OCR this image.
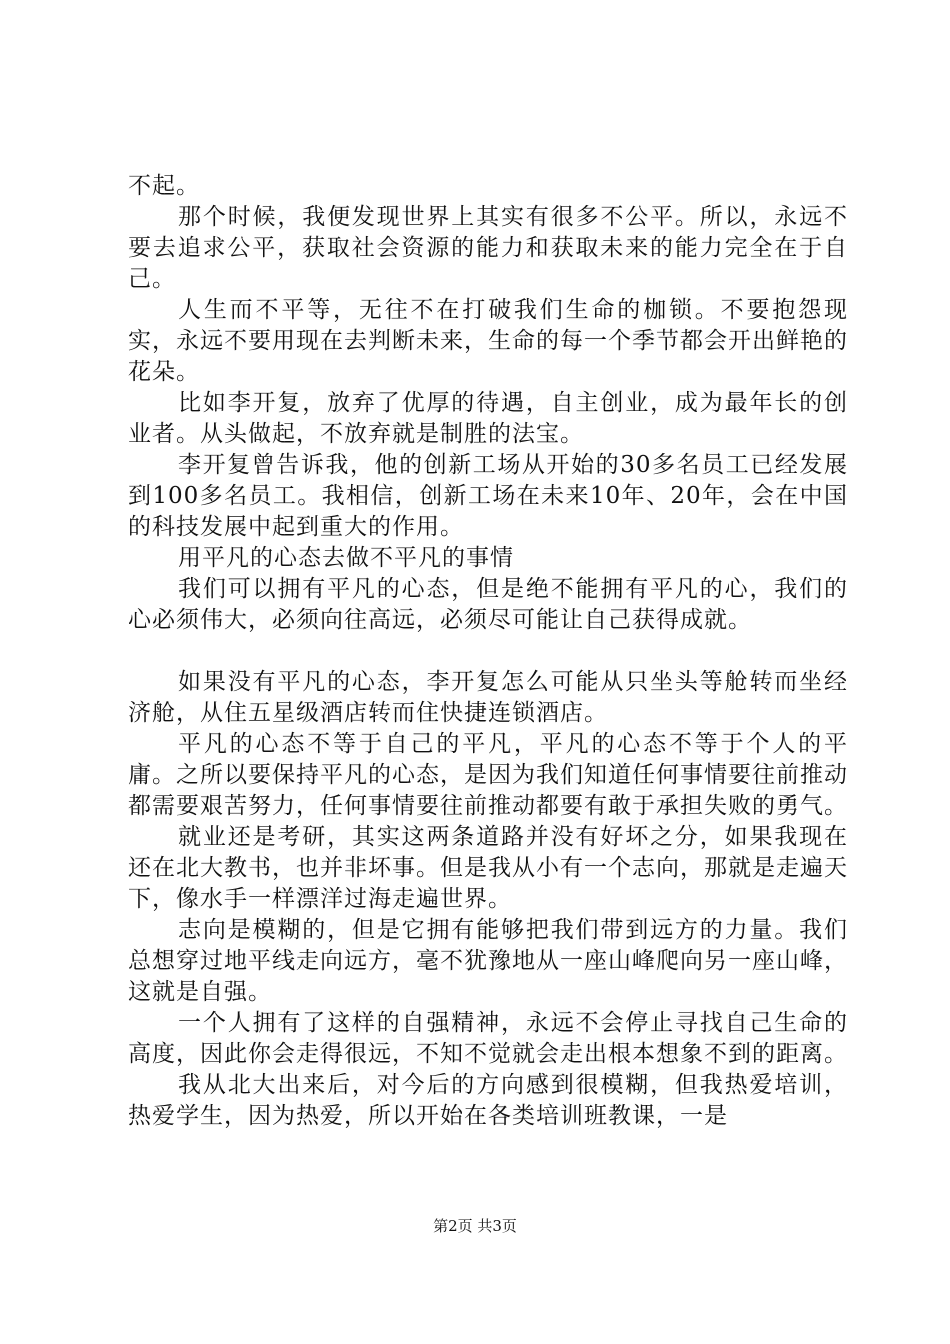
不起。

那个时候，我便发现世界上其实有很多不公平。所以，永远不要去追求公平，获取社会资源的能力和获取未来的能力完全在于自己。

人生而不平等，无往不在打破我们生命的枷锁。不要抱怨现实，永远不要用现在去判断未来，生命的每一个季节都会开出鲜艳的花朵。

比如李开复，放弃了优厚的待遇，自主创业，成为最年长的创业者。从头做起，不放弃就是制胜的法宝。

李开复曾告诉我，他的创新工场从开始的30多名员工已经发展到100多名员工。我相信，创新工场在未来10年、20年，会在中国的科技发展中起到重大的作用。

用平凡的心态去做不平凡的事情

我们可以拥有平凡的心态，但是绝不能拥有平凡的心，我们的心必须伟大，必须向往高远，必须尽可能让自己获得成就。

如果没有平凡的心态，李开复怎么可能从只坐头等舱转而坐经济舱，从住五星级酒店转而住快捷连锁酒店。

平凡的心态不等于自己的平凡，平凡的心态不等于个人的平庸。之所以要保持平凡的心态，是因为我们知道任何事情要往前推动都需要艰苦努力，任何事情要往前推动都要有敢于承担失败的勇气。

就业还是考研，其实这两条道路并没有好坏之分，如果我现在还在北大教书，也并非坏事。但是我从小有一个志向，那就是走遍天下，像水手一样漂洋过海走遍世界。

志向是模糊的，但是它拥有能够把我们带到远方的力量。我们总想穿过地平线走向远方，毫不犹豫地从一座山峰爬向另一座山峰，这就是自强。

一个人拥有了这样的自强精神，永远不会停止寻找自己生命的高度，因此你会走得很远，不知不觉就会走出根本想象不到的距离。

我从北大出来后，对今后的方向感到很模糊，但我热爱培训，热爱学生，因为热爱，所以开始在各类培训班教课，一是

第2页 共3页
